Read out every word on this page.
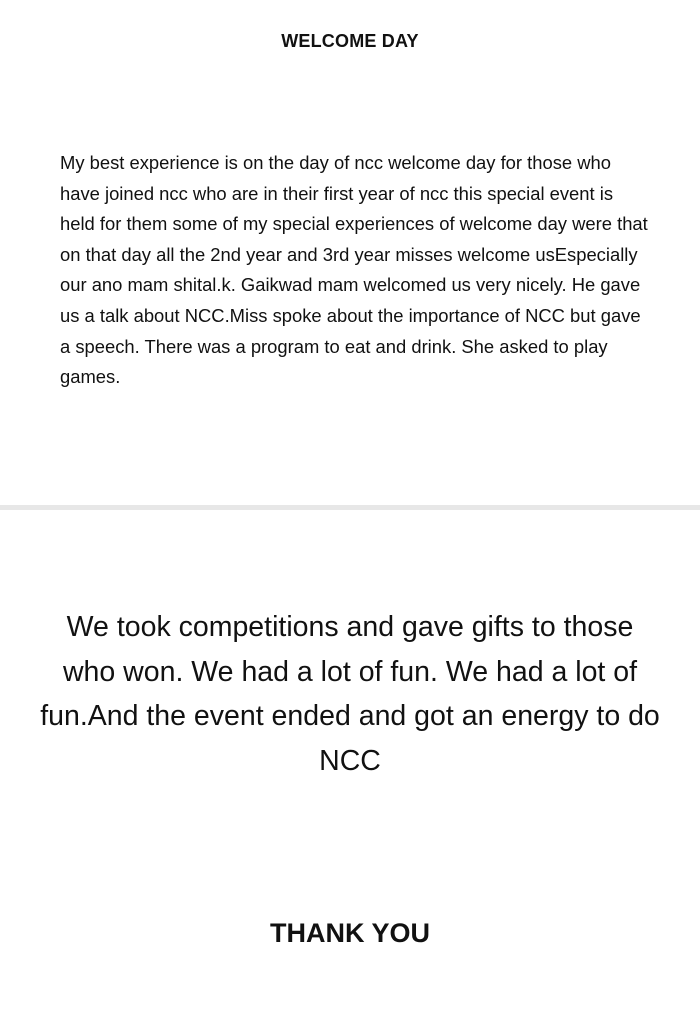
WELCOME DAY

My best experience is on the day of ncc welcome day for those who have joined ncc who are in their first year of ncc this special event is held for them some of my special experiences of welcome day were that on that day all the 2nd year and 3rd year misses welcome usEspecially our ano mam shital.k. Gaikwad mam welcomed us very nicely. He gave us a talk about NCC.Miss spoke about the importance of NCC but gave a speech. There was a program to eat and drink. She asked to play games.

We took competitions and gave gifts to those who won. We had a lot of fun. We had a lot of fun.And the event ended and got an energy to do NCC

THANK YOU
